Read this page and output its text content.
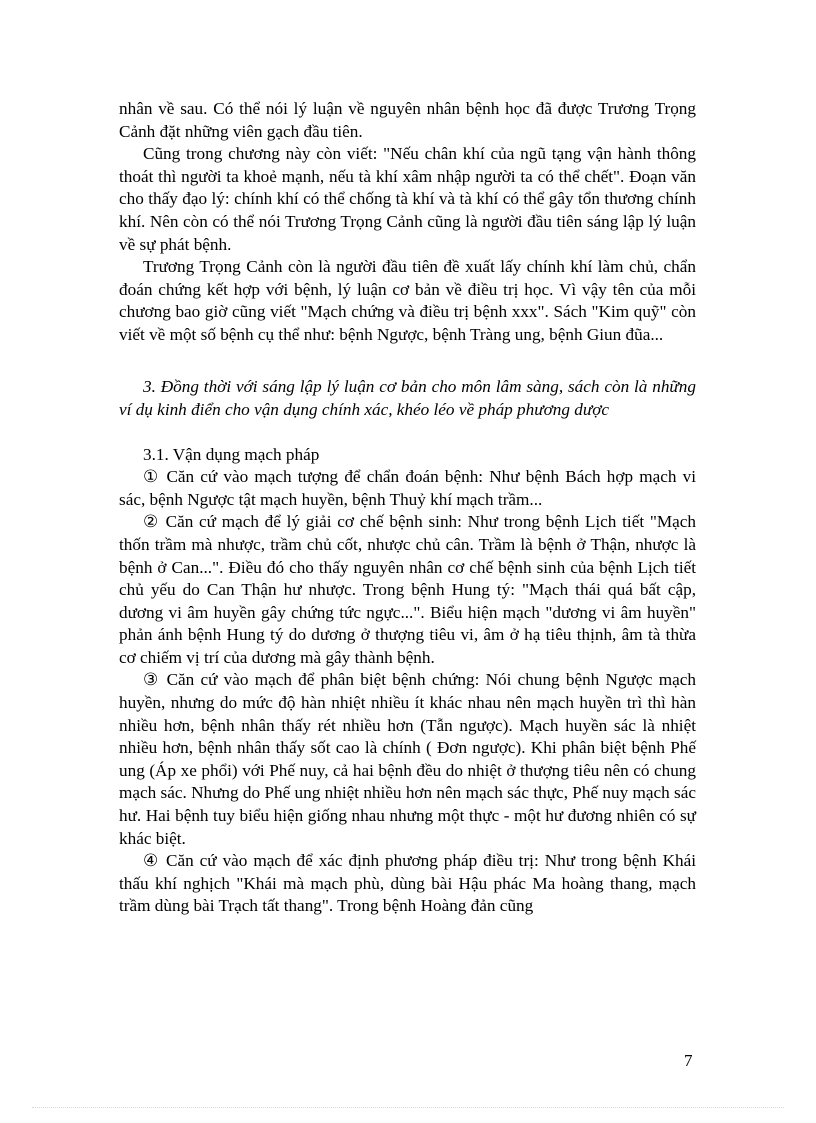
nhân về sau. Có thể nói lý luận về nguyên nhân bệnh học đã được Trương Trọng Cảnh đặt những viên gạch đầu tiên.

Cũng trong chương này còn viết: "Nếu chân khí của ngũ tạng vận hành thông thoát thì người ta khoẻ mạnh, nếu tà khí xâm nhập người ta có thể chết". Đoạn văn cho thấy đạo lý: chính khí có thể chống tà khí và tà khí có thể gây tổn thương chính khí. Nên còn có thể nói Trương Trọng Cảnh cũng là người đầu tiên sáng lập lý luận về sự phát bệnh.

Trương Trọng Cảnh còn là người đầu tiên đề xuất lấy chính khí làm chủ, chẩn đoán chứng kết hợp với bệnh, lý luận cơ bản về điều trị học. Vì vậy tên của mỗi chương bao giờ cũng viết "Mạch chứng và điều trị bệnh xxx". Sách "Kim quỹ" còn viết về một số bệnh cụ thể như: bệnh Ngược, bệnh Tràng ung, bệnh Giun đũa...

3. Đồng thời với sáng lập lý luận cơ bản cho môn lâm sàng, sách còn là những ví dụ kinh điển cho vận dụng chính xác, khéo léo về pháp phương dược

3.1. Vận dụng mạch pháp

① Căn cứ vào mạch tượng để chẩn đoán bệnh: Như bệnh Bách hợp mạch vi sác, bệnh Ngược tật mạch huyền, bệnh Thuỷ khí mạch trầm...

② Căn cứ mạch để lý giải cơ chế bệnh sinh: Như trong bệnh Lịch tiết "Mạch thốn trầm mà nhược, trầm chủ cốt, nhược chủ cân. Trầm là bệnh ở Thận, nhược là bệnh ở Can...". Điều đó cho thấy nguyên nhân cơ chế bệnh sinh của bệnh Lịch tiết chủ yếu do Can Thận hư nhược. Trong bệnh Hung tý: "Mạch thái quá bất cập, dương vi âm huyền gây chứng tức ngực...". Biểu hiện mạch "dương vi âm huyền" phản ánh bệnh Hung tý do dương ở thượng tiêu vi, âm ở hạ tiêu thịnh, âm tà thừa cơ chiếm vị trí của dương mà gây thành bệnh.

③ Căn cứ vào mạch để phân biệt bệnh chứng: Nói chung bệnh Ngược mạch huyền, nhưng do mức độ hàn nhiệt nhiều ít khác nhau nên mạch huyền trì thì hàn nhiều hơn, bệnh nhân thấy rét nhiều hơn (Tẫn ngược). Mạch huyền sác là nhiệt nhiều hơn, bệnh nhân thấy sốt cao là chính ( Đơn ngược). Khi phân biệt bệnh Phế ung (Áp xe phổi) với Phế nuy, cả hai bệnh đều do nhiệt ở thượng tiêu nên có chung mạch sác. Nhưng do Phế ung nhiệt nhiều hơn nên mạch sác thực, Phế nuy mạch sác hư. Hai bệnh tuy biểu hiện giống nhau nhưng một thực - một hư đương nhiên có sự khác biệt.

④ Căn cứ vào mạch để xác định phương pháp điều trị: Như trong bệnh Khái thấu khí nghịch "Khái mà mạch phù, dùng bài Hậu phác Ma hoàng thang, mạch trầm dùng bài Trạch tất thang". Trong bệnh Hoàng đản cũng

7
